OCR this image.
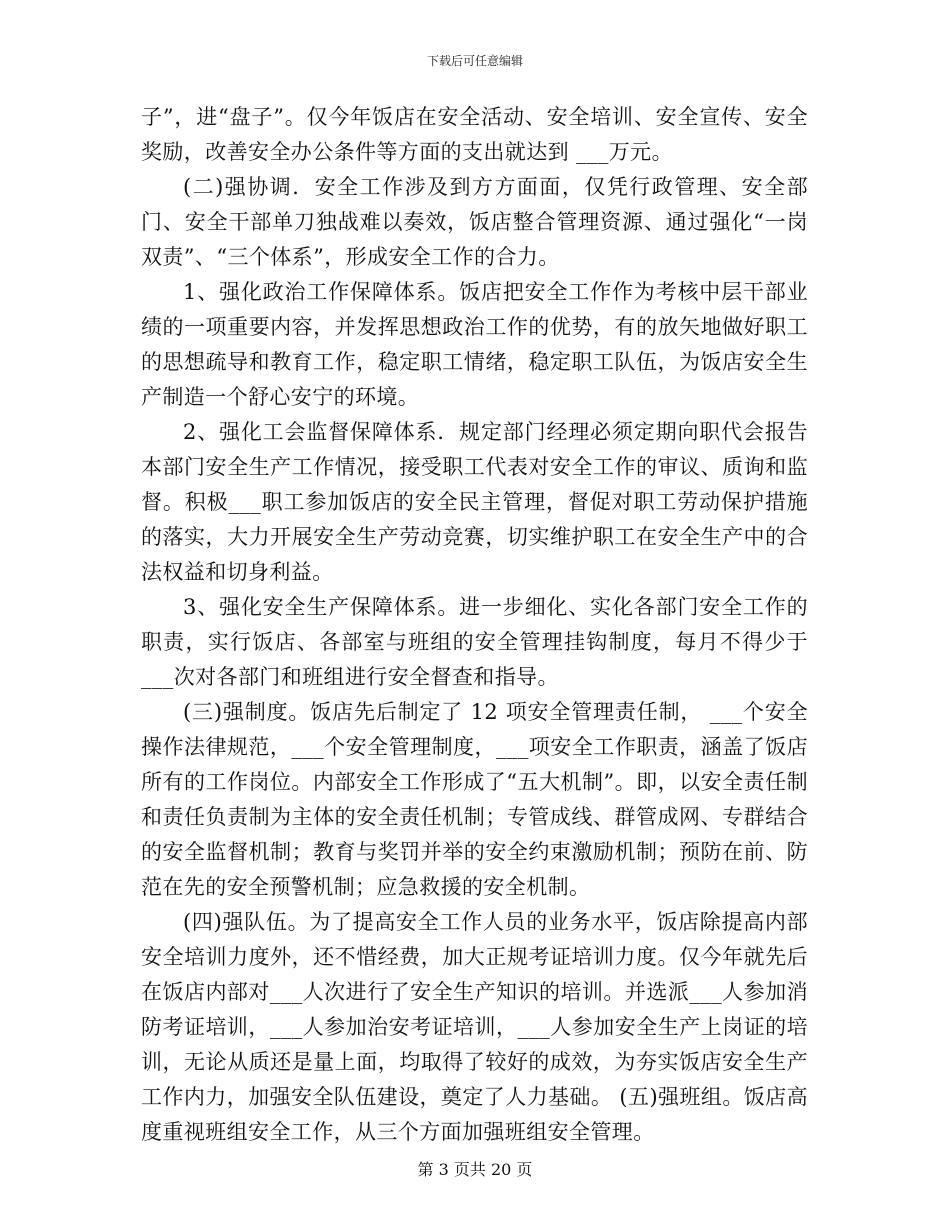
下载后可任意编辑

子”，进“盘子”。仅今年饭店在安全活动、安全培训、安全宣传、安全奖励，改善安全办公条件等方面的支出就达到 ___万元。

(二)强协调．安全工作涉及到方方面面，仅凭行政管理、安全部门、安全干部单刀独战难以奏效，饭店整合管理资源、通过强化“一岗双责”、“三个体系”，形成安全工作的合力。

1、强化政治工作保障体系。饭店把安全工作作为考核中层干部业绩的一项重要内容，并发挥思想政治工作的优势，有的放矢地做好职工的思想疏导和教育工作，稳定职工情绪，稳定职工队伍，为饭店安全生产制造一个舒心安宁的环境。

2、强化工会监督保障体系．规定部门经理必须定期向职代会报告本部门安全生产工作情况，接受职工代表对安全工作的审议、质询和监督。积极___职工参加饭店的安全民主管理，督促对职工劳动保护措施的落实，大力开展安全生产劳动竞赛，切实维护职工在安全生产中的合法权益和切身利益。

3、强化安全生产保障体系。进一步细化、实化各部门安全工作的职责，实行饭店、各部室与班组的安全管理挂钩制度，每月不得少于___次对各部门和班组进行安全督查和指导。

(三)强制度。饭店先后制定了 12 项安全管理责任制， ___个安全操作法律规范，___个安全管理制度，___项安全工作职责，涵盖了饭店所有的工作岗位。内部安全工作形成了“五大机制”。即，以安全责任制和责任负责制为主体的安全责任机制；专管成线、群管成网、专群结合的安全监督机制；教育与奖罚并举的安全约束激励机制；预防在前、防范在先的安全预警机制；应急救援的安全机制。

(四)强队伍。为了提高安全工作人员的业务水平，饭店除提高内部安全培训力度外，还不惜经费，加大正规考证培训力度。仅今年就先后在饭店内部对___人次进行了安全生产知识的培训。并选派___人参加消防考证培训，___人参加治安考证培训，___人参加安全生产上岗证的培训，无论从质还是量上面，均取得了较好的成效，为夯实饭店安全生产工作内力，加强安全队伍建设，奠定了人力基础。 (五)强班组。饭店高度重视班组安全工作，从三个方面加强班组安全管理。

第 3 页共 20 页
